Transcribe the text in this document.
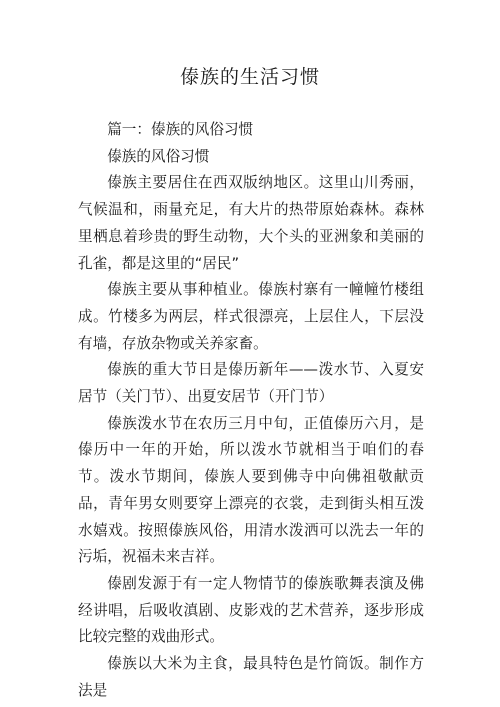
傣族的生活习惯

篇一：傣族的风俗习惯

傣族的风俗习惯

傣族主要居住在西双版纳地区。这里山川秀丽，气候温和，雨量充足，有大片的热带原始森林。森林里栖息着珍贵的野生动物，大个头的亚洲象和美丽的孔雀，都是这里的“居民”

傣族主要从事种植业。傣族村寨有一幢幢竹楼组成。竹楼多为两层，样式很漂亮，上层住人，下层没有墙，存放杂物或关养家畜。

傣族的重大节日是傣历新年——泼水节、入夏安居节（关门节）、出夏安居节（开门节）

傣族泼水节在农历三月中旬，正值傣历六月，是傣历中一年的开始，所以泼水节就相当于咱们的春节。泼水节期间，傣族人要到佛寺中向佛祖敬献贡品，青年男女则要穿上漂亮的衣裳，走到街头相互泼水嬉戏。按照傣族风俗，用清水泼洒可以洗去一年的污垢，祝福未来吉祥。

傣剧发源于有一定人物情节的傣族歌舞表演及佛经讲唱，后吸收滇剧、皮影戏的艺术营养，逐步形成比较完整的戏曲形式。

傣族以大米为主食，最具特色是竹筒饭。制作方法是
